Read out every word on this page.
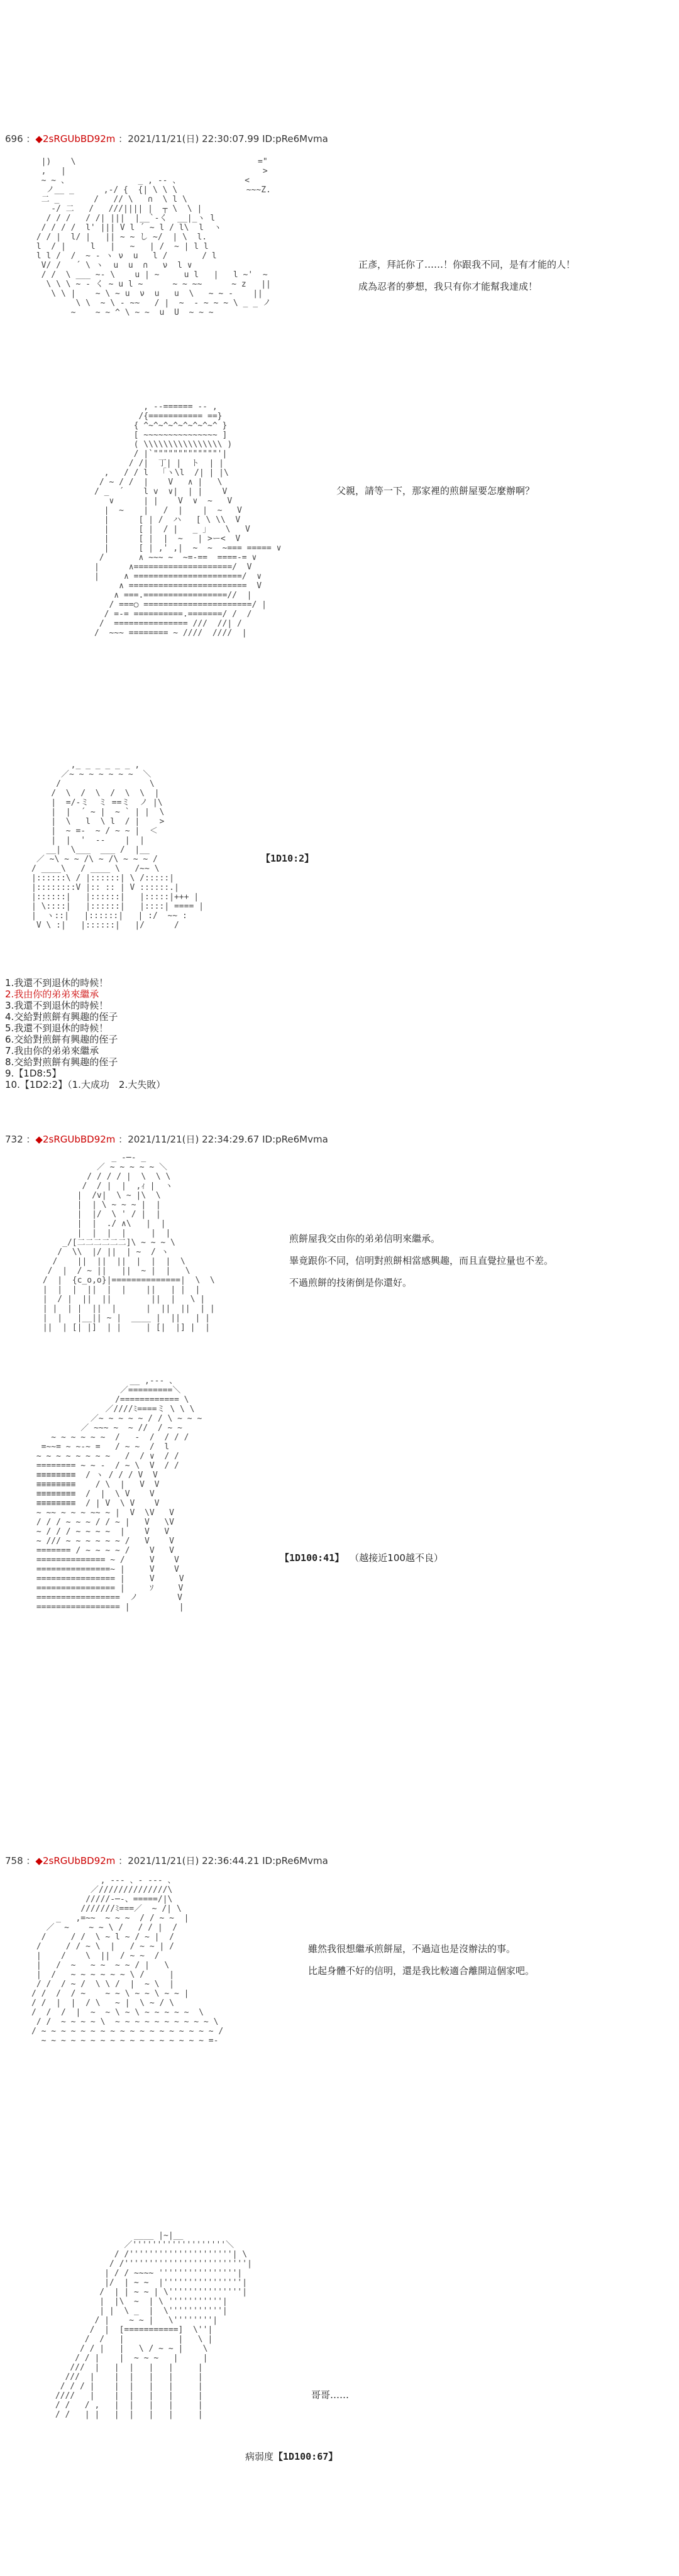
696 ：◆2sRGUbBD92m ：2021/11/21(日) 22:30:07.99 ID:pRe6Mvma
|)    \                                     ="
,   |                                        >
~ ~ 、              _ , -- 、             <
ノ__ _      ,-/ {  {| \ \ \              ~~~Z.
二 _       /   // \   ∩  \ l \
-/ 二   /   ///|||| |  ┬ \  \ |
/ / /   / /| |||  |__`-く  __|_ヽ l
/ / / /  l' ||| V l ´ ~ l / l\  l  ヽ
/ / |  l/ |   || ~ ~ し ~/  | \  l.
l  / |     l   |   ~   | /  ~ | l l
l l /  /  ~ - ヽ ν  u   l /       / l
V/ /   ´ \ ヽ  u  u  ∩   ν  l ∨
/ /  \ ___ ~- \    u | ~     u l   |   l ~'  ~
\ \ \ ~ - く ~ u l ~      ~ ~ ~~      ~ z   ||
\ \ |    ~ \ ~ u  ν  u   u  \   ~ ~ -    ||
\ \  ~ \ - ~~   / |  ~  - ~ ~ ~ \ _ _ ノ
~    ~ ~ ^ \ ~ ~  u  U  ~ ~ ~

正彥，拜託你了……！你跟我不同，是有才能的人！
成為忍者的夢想，我只有你才能幫我達成！
, --====== -- ,
/{=========== ==}
{ ^~^~^~^~^~^~^~^ }
[ ~~~~~~~~~~~~~~~ ]
( \\\\\\\\\\\\\\\\ )
/ |`"""""""""""""'|
/ /|  丁| |  ト  | |
,   / / l  「ヽ\l  /| | |\
/ ~ / /  |    V   ∧ |   \
/ _  ´    l v  ∨|  | |    V
∨      | |    V  ∨  ~   V
|  ~    |   /  |    |  ~   V
|      [ | /  ハ   [ \ \\  V
|      [ |  / |   _ 」   \   V
|      [ |  |  ~   | >ー<  V
|      [ | ,' ,|  ~  ~  ~=== ===== ∨
/       ∧ ~~~ ~  ~=-==  ====-= ∨
|      ∧====================/  V
|     ∧ ======================/  ∨
∧ ========================  V
∧ ===.=================//  |
/ ===○ ======================/ |
/ =-= ==========.=======/ /  /
/  =============== ///  //| /
/  ~~~ ======== ~ ////  ////  |

父親，請等一下，那家裡的煎餅屋要怎麼辦啊？
,_ _ _ _ _ _ ,
／~ ~ ~ ~ ~ ~ ~  ＼
/                  \
/  \  /  \  /  \  \  |
|  =/-ミ  ミ ==ミ  ノ |\
|  |  ´ ~ |  ~ ` | |  \
|  \   l  \ l  / |    >
|  ~ =-  ~ / ~ ~ |  ＜
|  |  '  --    |  |
__|  \___  ___ /  |__
／ ~\ ~ ~ /\ ~ /\ ~ ~ ~ /
/ ____\   / ____ \   /~~ \
|::::::\ / |::::::| \ /:::::|
|::::::::V |:: :: | V ::::::.|
|::::::|   |::::::|   |:::::|+++ |
| \::::|   |::::::|   |::::| ==== |
|  ヽ::|   |::::::|   | :/  ~~ :
V \ :|   |::::::|   |/      /

【1D10:2】
1.我還不到退休的時候！
2.我由你的弟弟來繼承
3.我還不到退休的時候！
4.交給對煎餅有興趣的侄子
5.我還不到退休的時候！
6.交給對煎餅有興趣的侄子
7.我由你的弟弟來繼承
8.交給對煎餅有興趣的侄子
9.【1D8:5】
10.【1D2:2】（1.大成功　2.大失敗）
732 ：◆2sRGUbBD92m ：2021/11/21(日) 22:34:29.67 ID:pRe6Mvma
_ -─- _
／ ~ ~ ~ ~ ~ ＼
/ / / / |  \  \ \
/  / |  |  ,ｨ |  ヽ
|  /v|  \ ~ |\  \
|  | \ ~ ~ ~ |  |
|  |/  \ ' / |  |
|  |  ./ ∧\   |  |
|  |  |  |     |  |
_/[二二二二二二]\ ~ ~ ~ \
/  \\  |/ ||  | ~  / ヽ
/    ||  ||  ||  |  |  |  \
/  |  / ~ ||   ||  ~ |  |   \
/  |  {c_o,o}|==============|  \  \
|  |  |  ||  |  |    ||   | |  |
|  / |  ||  ||        ||  |   \ |
| |  | |  ||  |      |  ||  ||  | |
|  |   |__|| ~ |  ____ |  ||   | |
||  | [| |]  | |     | [|  |] |  |

煎餅屋我交由你的弟弟信明來繼承。
畢竟跟你不同，信明對煎餅相當感興趣，而且直覺拉量也不差。
不過煎餅的技術倒是你還好。
__ ,--- 、
／=========＼
/============ \
／////ﾐ====ミ \ \ \
／~ ~ ~ ~ ~ / / \ ~ ~ ~
／ ~~~ ~  ~ //  / ~ ~
~ ~ ~ ~ ~ ~  /   -  /  / / /
=~~= ~ ~-~ =   / ~ ~  /  l
~ ~ ~ ~ ~ ~ ~ ~   /  / ∨  / /
======== ~ ~ -  / ~ \  V  / /
≡≡≡≡≡≡≡≡  / ヽ / / / V  V
≡≡≡≡≡≡≡≡    / \  |   V  V
≡≡≡≡≡≡≡≡  /  |  \ V    V
≡≡≡≡≡≡≡≡  / | V  \ V    V
~ ~~ ~ ~ ~ ~~ ~ |  V  \V   V
/ / / ~ ~ ~ / / ~ |   V   \V
~ / / / ~ ~ ~ ~  |    V   V
~ /// ~ ~ ~ ~ ~ ~ /   V    V
======= / ~ ~ ~ ~ /    V   V
============== ~ /     V    V
===============~ |     V    V
================ |     V     V
================ |     ｿ     V
=================  ノ        V
================= |          |

【1D100:41】 （越接近100越不良）
758 ：◆2sRGUbBD92m ：2021/11/21(日) 22:36:44.21 ID:pRe6Mvma
, --- 、- --- 、
／//////////////\
/////-─-、=====/|\
///////ﾐ===／  ~ /| \
_   ,=~~  ~ ~ ~  / / ~ ~  |
／  ~    ~ ~ \ /   / / |  /
/     / /  \ ~ l ~ / ~ |  /
/     / / ~ \  |   / ~ ~ | /
|    /    \  ||  / ~ ~  /
|   /  ~   ~ ~  ~ ~ / |   \
|  /   ~ ~ ~ ~ ~ ~ \ /     |
/ /  / ~ /  \ \ /  |  ~ \  |
/ /  /  / ~    ~ ~ \ ~ ~ \ ~ ~ |
/ /  |  |  / \   ~ |  \ ~ / \
/  /  /  |  ~  ~ \ ~ \ ~ ~ ~ ~ ~  \
/ /  ~ ~ ~ ~ \  ~ ~ ~ ~ ~ ~ ~ ~ ~ ~ \
/ ~ ~ ~ ~ ~ ~ ~ ~ ~ ~ ~ ~ ~ ~ ~ ~ ~ ~ /
~ ~ ~ ~ ~ ~ ~ ~ ~ ~ ~ ~ ~ ~ ~ ~ ~ =-

雖然我很想繼承煎餅屋，不過這也是沒辦法的事。
比起身體不好的信明，還是我比較適合離開這個家吧。
____ |~|__
／'''''''''''''''''''＼
/ /'''''''''''''''''''''| \
/ /'''''''''''''''''''''''''|
| / / ~~~~ ''''''''''''''''|
|/  | ~ ~  |''''''''''''''''|
/  | | ~ ~ | \'''''''''''''''|
|  |\  ~  | \ '''''''''''|
| |  \ _  |  \'''''''''''|
/ |    ~ ~ |   \''''''''|
/  |  [===========]  \''|
/  /   |           |   \ |
/ / |   |   \ / ~ ~ |    \
/ / |    |  ~ ~ ~   |     |
///  |   |  |   |   |     |
///  |    |  |   |   |     |
/ / / |    |  |   |   |     |
////   |    |  |   |   |     |
/ /   / ,   |  |   |   |     |
/ /   | |   |  |   |   |     |

哥哥……
病弱度【1D100:67】
